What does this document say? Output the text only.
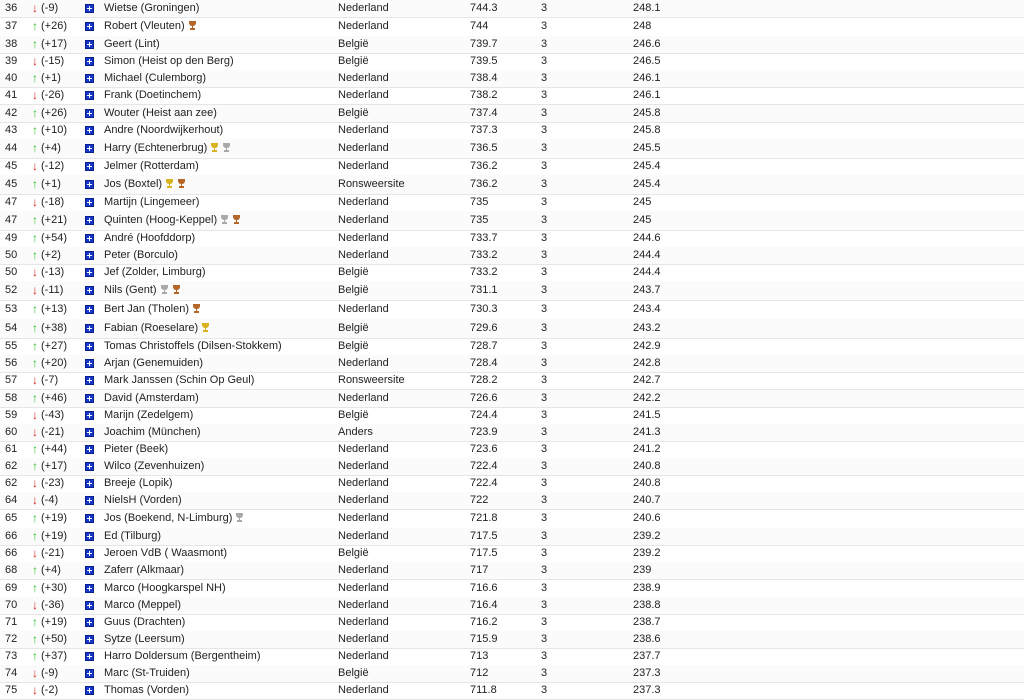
36	↓ (-9)	Wietse (Groningen)	Nederland	744.3	3	248.1
37	↑ (+26)	Robert (Vleuten)	Nederland	744	3	248
38	↑ (+17)	Geert (Lint)	België	739.7	3	246.6
39	↓ (-15)	Simon (Heist op den Berg)	België	739.5	3	246.5
40	↑ (+1)	Michael (Culemborg)	Nederland	738.4	3	246.1
41	↓ (-26)	Frank (Doetinchem)	Nederland	738.2	3	246.1
42	↑ (+26)	Wouter (Heist aan zee)	België	737.4	3	245.8
43	↑ (+10)	Andre (Noordwijkerhout)	Nederland	737.3	3	245.8
44	↑ (+4)	Harry (Echtenerbrug)	Nederland	736.5	3	245.5
45	↓ (-12)	Jelmer (Rotterdam)	Nederland	736.2	3	245.4
45	↑ (+1)	Jos (Boxtel)	Ronsweersite	736.2	3	245.4
47	↓ (-18)	Martijn (Lingemeer)	Nederland	735	3	245
47	↑ (+21)	Quinten (Hoog-Keppel)	Nederland	735	3	245
49	↑ (+54)	André (Hoofddorp)	Nederland	733.7	3	244.6
50	↑ (+2)	Peter (Borculo)	Nederland	733.2	3	244.4
50	↓ (-13)	Jef (Zolder, Limburg)	België	733.2	3	244.4
52	↓ (-11)	Nils (Gent)	België	731.1	3	243.7
53	↑ (+13)	Bert Jan (Tholen)	Nederland	730.3	3	243.4
54	↑ (+38)	Fabian (Roeselare)	België	729.6	3	243.2
55	↑ (+27)	Tomas Christoffels (Dilsen-Stokkem)	België	728.7	3	242.9
56	↑ (+20)	Arjan (Genemuiden)	Nederland	728.4	3	242.8
57	↓ (-7)	Mark Janssen (Schin Op Geul)	Ronsweersite	728.2	3	242.7
58	↑ (+46)	David (Amsterdam)	Nederland	726.6	3	242.2
59	↓ (-43)	Marijn (Zedelgem)	België	724.4	3	241.5
60	↓ (-21)	Joachim (München)	Anders	723.9	3	241.3
61	↑ (+44)	Pieter (Beek)	Nederland	723.6	3	241.2
62	↑ (+17)	Wilco (Zevenhuizen)	Nederland	722.4	3	240.8
62	↓ (-23)	Breeje (Lopik)	Nederland	722.4	3	240.8
64	↓ (-4)	NielsH (Vorden)	Nederland	722	3	240.7
65	↑ (+19)	Jos (Boekend, N-Limburg)	Nederland	721.8	3	240.6
66	↑ (+19)	Ed (Tilburg)	Nederland	717.5	3	239.2
66	↓ (-21)	Jeroen VdB ( Waasmont)	België	717.5	3	239.2
68	↑ (+4)	Zaferr (Alkmaar)	Nederland	717	3	239
69	↑ (+30)	Marco (Hoogkarspel NH)	Nederland	716.6	3	238.9
70	↓ (-36)	Marco (Meppel)	Nederland	716.4	3	238.8
71	↑ (+19)	Guus (Drachten)	Nederland	716.2	3	238.7
72	↑ (+50)	Sytze (Leersum)	Nederland	715.9	3	238.6
73	↑ (+37)	Harro Doldersum (Bergentheim)	Nederland	713	3	237.7
74	↓ (-9)	Marc (St-Truiden)	België	712	3	237.3
75	↓ (-2)	Thomas (Vorden)	Nederland	711.8	3	237.3
